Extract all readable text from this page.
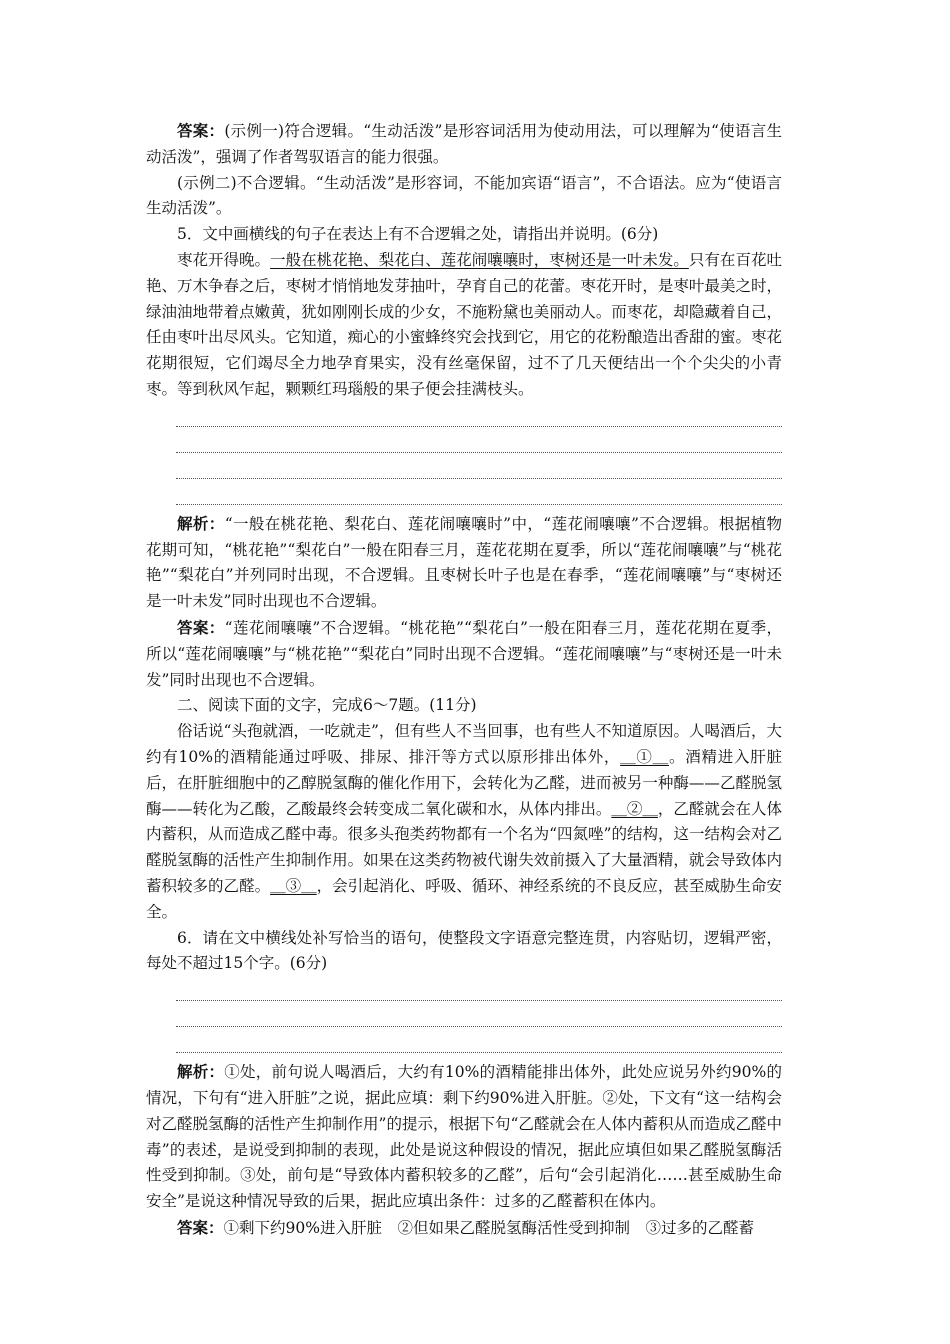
答案：(示例一)符合逻辑。“生动活泼”是形容词活用为使动用法，可以理解为“使语言生动活泼”，强调了作者驾驭语言的能力很强。

(示例二)不合逻辑。“生动活泼”是形容词，不能加宾语“语言”，不合语法。应为“使语言生动活泼”。

5．文中画横线的句子在表达上有不合逻辑之处，请指出并说明。(6分)

枣花开得晚。一般在桃花艳、梨花白、莲花闹嚷嚷时，枣树还是一叶未发。只有在百花吐艳、万木争春之后，枣树才悄悄地发芽抽叶，孕育自己的花蕾。枣花开时，是枣叶最美之时，绿油油地带着点嫩黄，犹如刚刚长成的少女，不施粉黛也美丽动人。而枣花，却隐藏着自己，任由枣叶出尽风头。它知道，痴心的小蜜蜂终究会找到它，用它的花粉酿造出香甜的蜜。枣花花期很短，它们竭尽全力地孕育果实，没有丝毫保留，过不了几天便结出一个个尖尖的小青枣。等到秋风乍起，颗颗红玛瑙般的果子便会挂满枝头。

解析：“一般在桃花艳、梨花白、莲花闹嚷嚷时”中，“莲花闹嚷嚷”不合逻辑。根据植物花期可知，“桃花艳”“梨花白”一般在阳春三月，莲花花期在夏季，所以“莲花闹嚷嚷”与“桃花艳”“梨花白”并列同时出现，不合逻辑。且枣树长叶子也是在春季，“莲花闹嚷嚷”与“枣树还是一叶未发”同时出现也不合逻辑。

答案：“莲花闹嚷嚷”不合逻辑。“桃花艳”“梨花白”一般在阳春三月，莲花花期在夏季，所以“莲花闹嚷嚷”与“桃花艳”“梨花白”同时出现不合逻辑。“莲花闹嚷嚷”与“枣树还是一叶未发”同时出现也不合逻辑。

二、阅读下面的文字，完成6～7题。(11分)

俗话说“头孢就酒，一吃就走”，但有些人不当回事，也有些人不知道原因。人喝酒后，大约有10%的酒精能通过呼吸、排尿、排汗等方式以原形排出体外，＿①＿。酒精进入肝脏后，在肝脏细胞中的乙醇脱氢酶的催化作用下，会转化为乙醛，进而被另一种酶——乙醛脱氢酶——转化为乙酸，乙酸最终会转变成二氧化碳和水，从体内排出。＿②＿，乙醛就会在人体内蓄积，从而造成乙醛中毒。很多头孢类药物都有一个名为“四氮唑”的结构，这一结构会对乙醛脱氢酶的活性产生抑制作用。如果在这类药物被代谢失效前摄入了大量酒精，就会导致体内蓄积较多的乙醛。＿③＿，会引起消化、呼吸、循环、神经系统的不良反应，甚至威胁生命安全。

6．请在文中横线处补写恰当的语句，使整段文字语意完整连贯，内容贴切，逻辑严密，每处不超过15个字。(6分)

解析：①处，前句说人喝酒后，大约有10%的酒精能排出体外，此处应说另外约90%的情况，下句有“进入肝脏”之说，据此应填：剩下约90%进入肝脏。②处，下文有“这一结构会对乙醛脱氢酶的活性产生抑制作用”的提示，根据下句“乙醛就会在人体内蓄积从而造成乙醛中毒”的表述，是说受到抑制的表现，此处是说这种假设的情况，据此应填但如果乙醛脱氢酶活性受到抑制。③处，前句是“导致体内蓄积较多的乙醛”，后句“会引起消化……甚至威胁生命安全”是说这种情况导致的后果，据此应填出条件：过多的乙醛蓄积在体内。

答案：①剩下约90%进入肝脏　②但如果乙醛脱氢酶活性受到抑制　③过多的乙醛蓄
